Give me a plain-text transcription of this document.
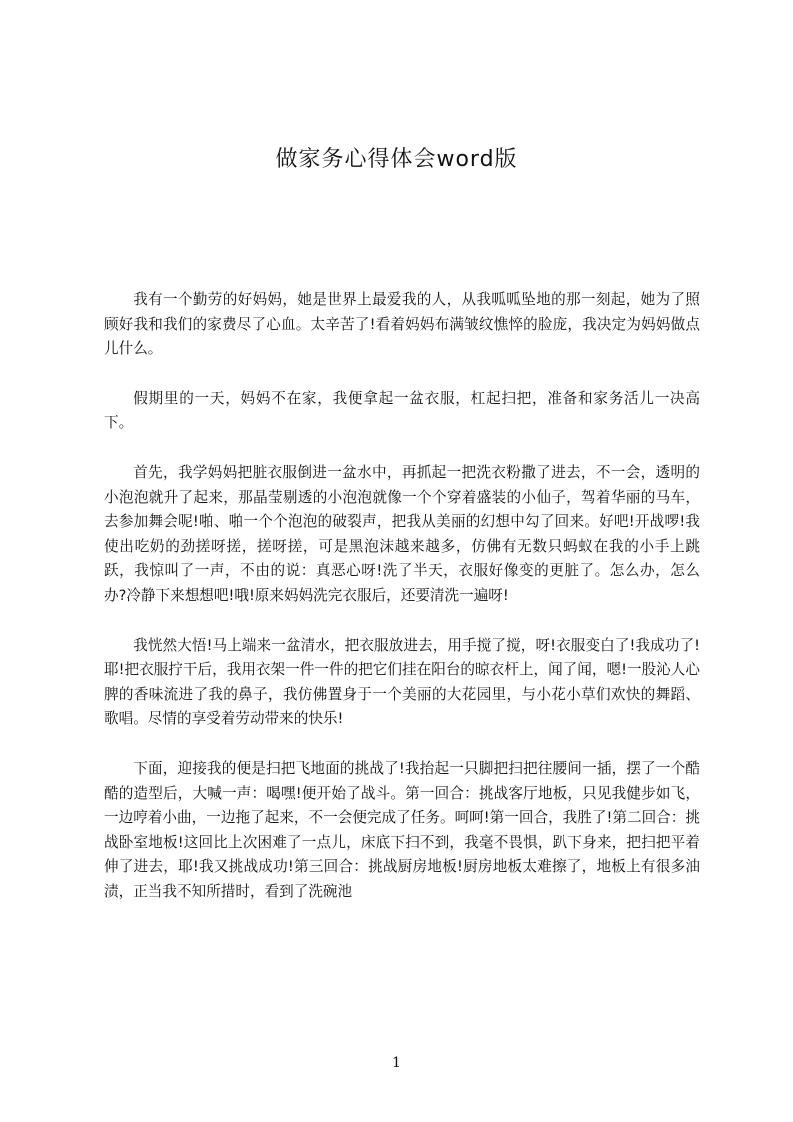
做家务心得体会word版

我有一个勤劳的好妈妈，她是世界上最爱我的人，从我呱呱坠地的那一刻起，她为了照顾好我和我们的家费尽了心血。太辛苦了!看着妈妈布满皱纹憔悴的脸庞，我决定为妈妈做点儿什么。

假期里的一天，妈妈不在家，我便拿起一盆衣服，杠起扫把，准备和家务活儿一决高下。

首先，我学妈妈把脏衣服倒进一盆水中，再抓起一把洗衣粉撒了进去，不一会，透明的小泡泡就升了起来，那晶莹剔透的小泡泡就像一个个穿着盛装的小仙子，驾着华丽的马车，去参加舞会呢!啪、啪一个个泡泡的破裂声，把我从美丽的幻想中勾了回来。好吧!开战啰!我使出吃奶的劲搓呀搓，搓呀搓，可是黑泡沫越来越多，仿佛有无数只蚂蚁在我的小手上跳跃，我惊叫了一声，不由的说：真恶心呀!洗了半天，衣服好像变的更脏了。怎么办，怎么办?冷静下来想想吧!哦!原来妈妈洗完衣服后，还要清洗一遍呀!

我恍然大悟!马上端来一盆清水，把衣服放进去，用手搅了搅，呀!衣服变白了!我成功了!耶!把衣服拧干后，我用衣架一件一件的把它们挂在阳台的晾衣杆上，闻了闻，嗯!一股沁人心脾的香味流进了我的鼻子，我仿佛置身于一个美丽的大花园里，与小花小草们欢快的舞蹈、歌唱。尽情的享受着劳动带来的快乐!

下面，迎接我的便是扫把飞地面的挑战了!我抬起一只脚把扫把往腰间一插，摆了一个酷酷的造型后，大喊一声：喝嘿!便开始了战斗。第一回合：挑战客厅地板，只见我健步如飞，一边哼着小曲，一边拖了起来，不一会便完成了任务。呵呵!第一回合，我胜了!第二回合：挑战卧室地板!这回比上次困难了一点儿，床底下扫不到，我毫不畏惧，趴下身来，把扫把平着伸了进去，耶!我又挑战成功!第三回合：挑战厨房地板!厨房地板太难擦了，地板上有很多油渍，正当我不知所措时，看到了洗碗池

1
